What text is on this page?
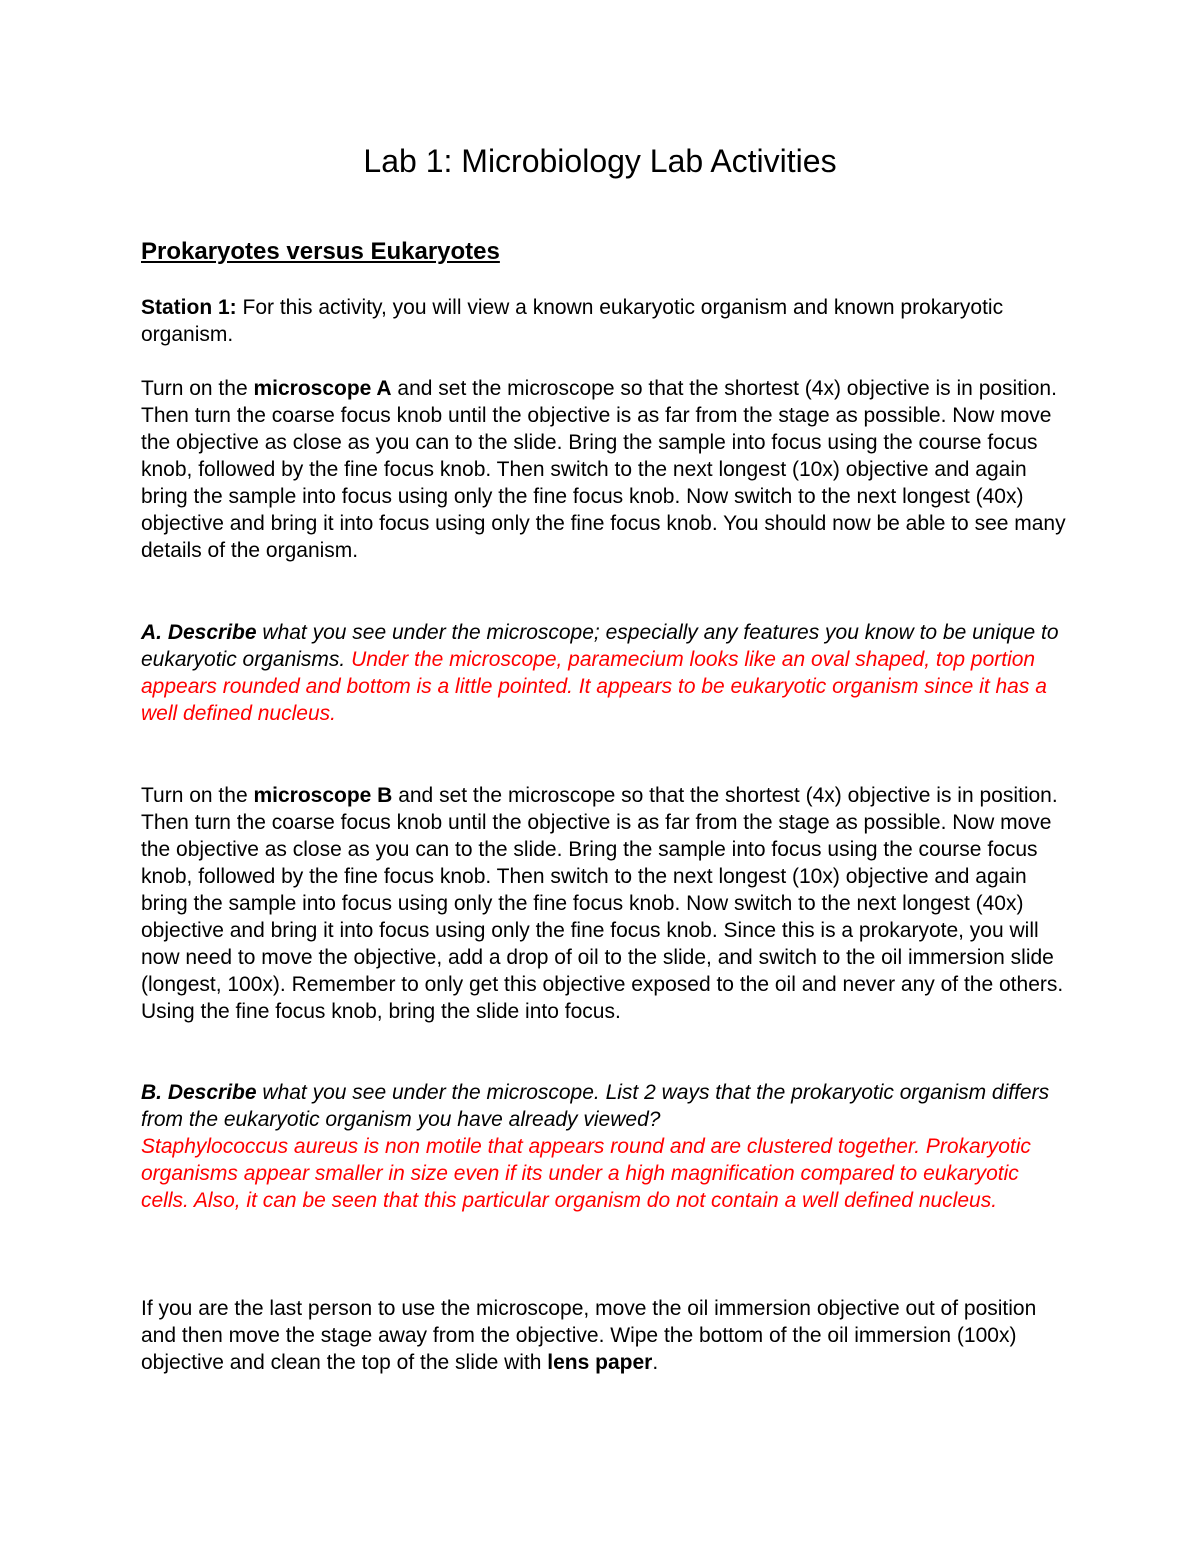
Lab 1: Microbiology Lab Activities
Prokaryotes versus Eukaryotes

Station 1: For this activity, you will view a known eukaryotic organism and known prokaryotic organism.

Turn on the microscope A and set the microscope so that the shortest (4x) objective is in position. Then turn the coarse focus knob until the objective is as far from the stage as possible. Now move the objective as close as you can to the slide. Bring the sample into focus using the course focus knob, followed by the fine focus knob. Then switch to the next longest (10x) objective and again bring the sample into focus using only the fine focus knob. Now switch to the next longest (40x) objective and bring it into focus using only the fine focus knob. You should now be able to see many details of the organism.

A. Describe what you see under the microscope; especially any features you know to be unique to eukaryotic organisms. Under the microscope, paramecium looks like an oval shaped, top portion appears rounded and bottom is a little pointed. It appears to be eukaryotic organism since it has a well defined nucleus.

Turn on the microscope B and set the microscope so that the shortest (4x) objective is in position. Then turn the coarse focus knob until the objective is as far from the stage as possible. Now move the objective as close as you can to the slide. Bring the sample into focus using the course focus knob, followed by the fine focus knob. Then switch to the next longest (10x) objective and again bring the sample into focus using only the fine focus knob. Now switch to the next longest (40x) objective and bring it into focus using only the fine focus knob. Since this is a prokaryote, you will now need to move the objective, add a drop of oil to the slide, and switch to the oil immersion slide (longest, 100x). Remember to only get this objective exposed to the oil and never any of the others. Using the fine focus knob, bring the slide into focus.

B. Describe what you see under the microscope. List 2 ways that the prokaryotic organism differs from the eukaryotic organism you have already viewed?
Staphylococcus aureus is non motile that appears round and are clustered together. Prokaryotic organisms appear smaller in size even if its under a high magnification compared to eukaryotic cells. Also, it can be seen that this particular organism do not contain a well defined nucleus.

If you are the last person to use the microscope, move the oil immersion objective out of position and then move the stage away from the objective. Wipe the bottom of the oil immersion (100x) objective and clean the top of the slide with lens paper.
